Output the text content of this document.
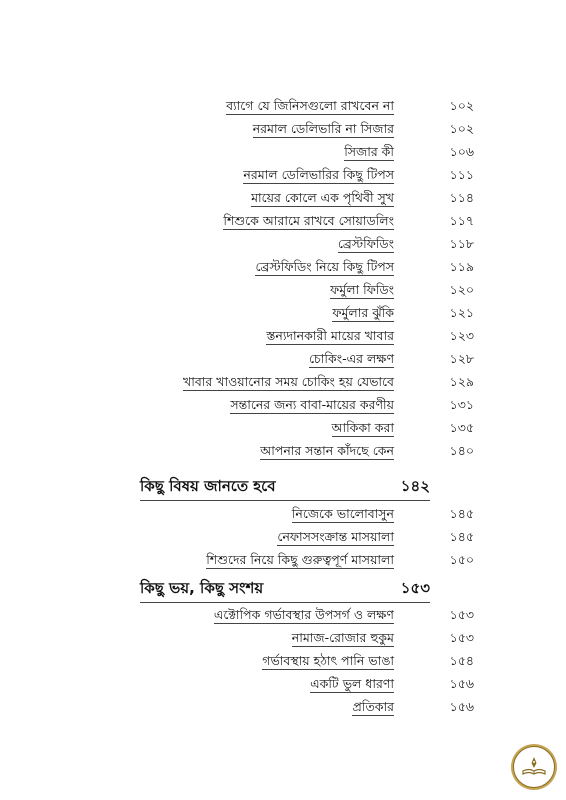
ব্যাগে যে জিনিসগুলো রাখবেন না	১০২
নরমাল ডেলিভারি না সিজার	১০২
সিজার কী	১০৬
নরমাল ডেলিভারির কিছু টিপস	১১১
মায়ের কোলে এক পৃথিবী সুখ	১১৪
শিশুকে আরামে রাখবে সোয়াডলিং	১১৭
ব্রেস্টফিডিং	১১৮
ব্রেস্টফিডিং নিয়ে কিছু টিপস	১১৯
ফর্মুলা ফিডিং	১২০
ফর্মুলার ঝুঁকি	১২১
স্তন্যদানকারী মায়ের খাবার	১২৩
চোকিং-এর লক্ষণ	১২৮
খাবার খাওয়ানোর সময় চোকিং হয় যেভাবে	১২৯
সন্তানের জন্য বাবা-মায়ের করণীয়	১৩১
আকিকা করা	১৩৫
আপনার সন্তান কাঁদছে কেন	১৪০
কিছু বিষয় জানতে হবে	১৪২
নিজেকে ভালোবাসুন	১৪৫
নেফাসসংক্রান্ত মাসয়ালা	১৪৫
শিশুদের নিয়ে কিছু গুরুত্বপূর্ণ মাসয়ালা	১৫০
কিছু ভয়, কিছু সংশয়	১৫৩
এক্টোপিক গর্ভাবস্থার উপসর্গ ও লক্ষণ	১৫৩
নামাজ-রোজার হুকুম	১৫৩
গর্ভাবস্থায় হঠাৎ পানি ভাঙা	১৫৪
একটি ভুল ধারণা	১৫৬
প্রতিকার	১৫৬
